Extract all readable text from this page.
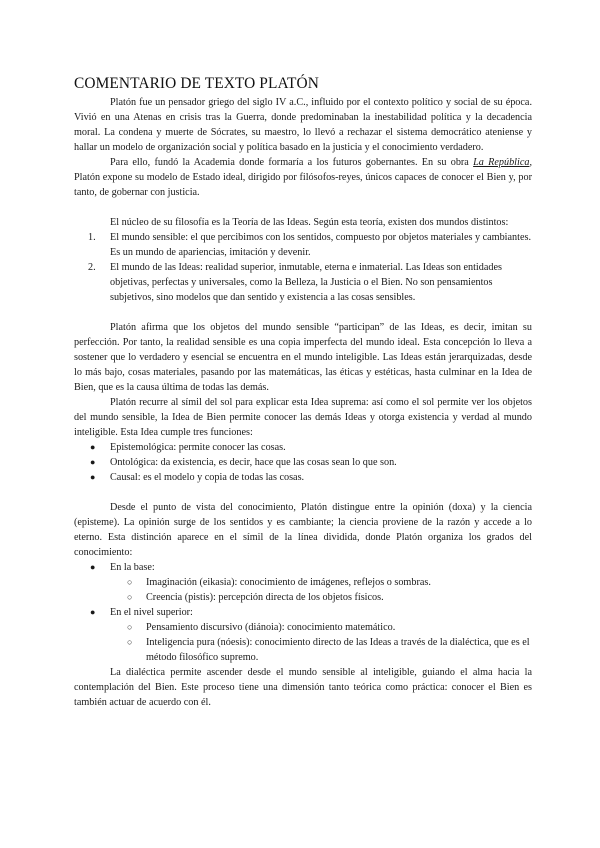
COMENTARIO DE TEXTO PLATÓN

Platón fue un pensador griego del siglo IV a.C., influido por el contexto político y social de su época. Vivió en una Atenas en crisis tras la Guerra, donde predominaban la inestabilidad política y la decadencia moral. La condena y muerte de Sócrates, su maestro, lo llevó a rechazar el sistema democrático ateniense y hallar un modelo de organización social y política basado en la justicia y el conocimiento verdadero.

Para ello, fundó la Academia donde formaría a los futuros gobernantes. En su obra La República, Platón expone su modelo de Estado ideal, dirigido por filósofos-reyes, únicos capaces de conocer el Bien y, por tanto, de gobernar con justicia.

El núcleo de su filosofía es la Teoría de las Ideas. Según esta teoría, existen dos mundos distintos:

1. El mundo sensible: el que percibimos con los sentidos, compuesto por objetos materiales y cambiantes. Es un mundo de apariencias, imitación y devenir.
2. El mundo de las Ideas: realidad superior, inmutable, eterna e inmaterial. Las Ideas son entidades objetivas, perfectas y universales, como la Belleza, la Justicia o el Bien. No son pensamientos subjetivos, sino modelos que dan sentido y existencia a las cosas sensibles.

Platón afirma que los objetos del mundo sensible “participan” de las Ideas, es decir, imitan su perfección. Por tanto, la realidad sensible es una copia imperfecta del mundo ideal. Esta concepción lo lleva a sostener que lo verdadero y esencial se encuentra en el mundo inteligible. Las Ideas están jerarquizadas, desde lo más bajo, cosas materiales, pasando por las matemáticas, las éticas y estéticas, hasta culminar en la Idea de Bien, que es la causa última de todas las demás.

Platón recurre al símil del sol para explicar esta Idea suprema: así como el sol permite ver los objetos del mundo sensible, la Idea de Bien permite conocer las demás Ideas y otorga existencia y verdad al mundo inteligible. Esta Idea cumple tres funciones:

● Epistemológica: permite conocer las cosas.
● Ontológica: da existencia, es decir, hace que las cosas sean lo que son.
● Causal: es el modelo y copia de todas las cosas.

Desde el punto de vista del conocimiento, Platón distingue entre la opinión (doxa) y la ciencia (episteme). La opinión surge de los sentidos y es cambiante; la ciencia proviene de la razón y accede a lo eterno. Esta distinción aparece en el símil de la línea dividida, donde Platón organiza los grados del conocimiento:

● En la base:
○ Imaginación (eikasia): conocimiento de imágenes, reflejos o sombras.
○ Creencia (pistis): percepción directa de los objetos físicos.
● En el nivel superior:
○ Pensamiento discursivo (diánoia): conocimiento matemático.
○ Inteligencia pura (nóesis): conocimiento directo de las Ideas a través de la dialéctica, que es el método filosófico supremo.

La dialéctica permite ascender desde el mundo sensible al inteligible, guiando el alma hacia la contemplación del Bien. Este proceso tiene una dimensión tanto teórica como práctica: conocer el Bien es también actuar de acuerdo con él.
